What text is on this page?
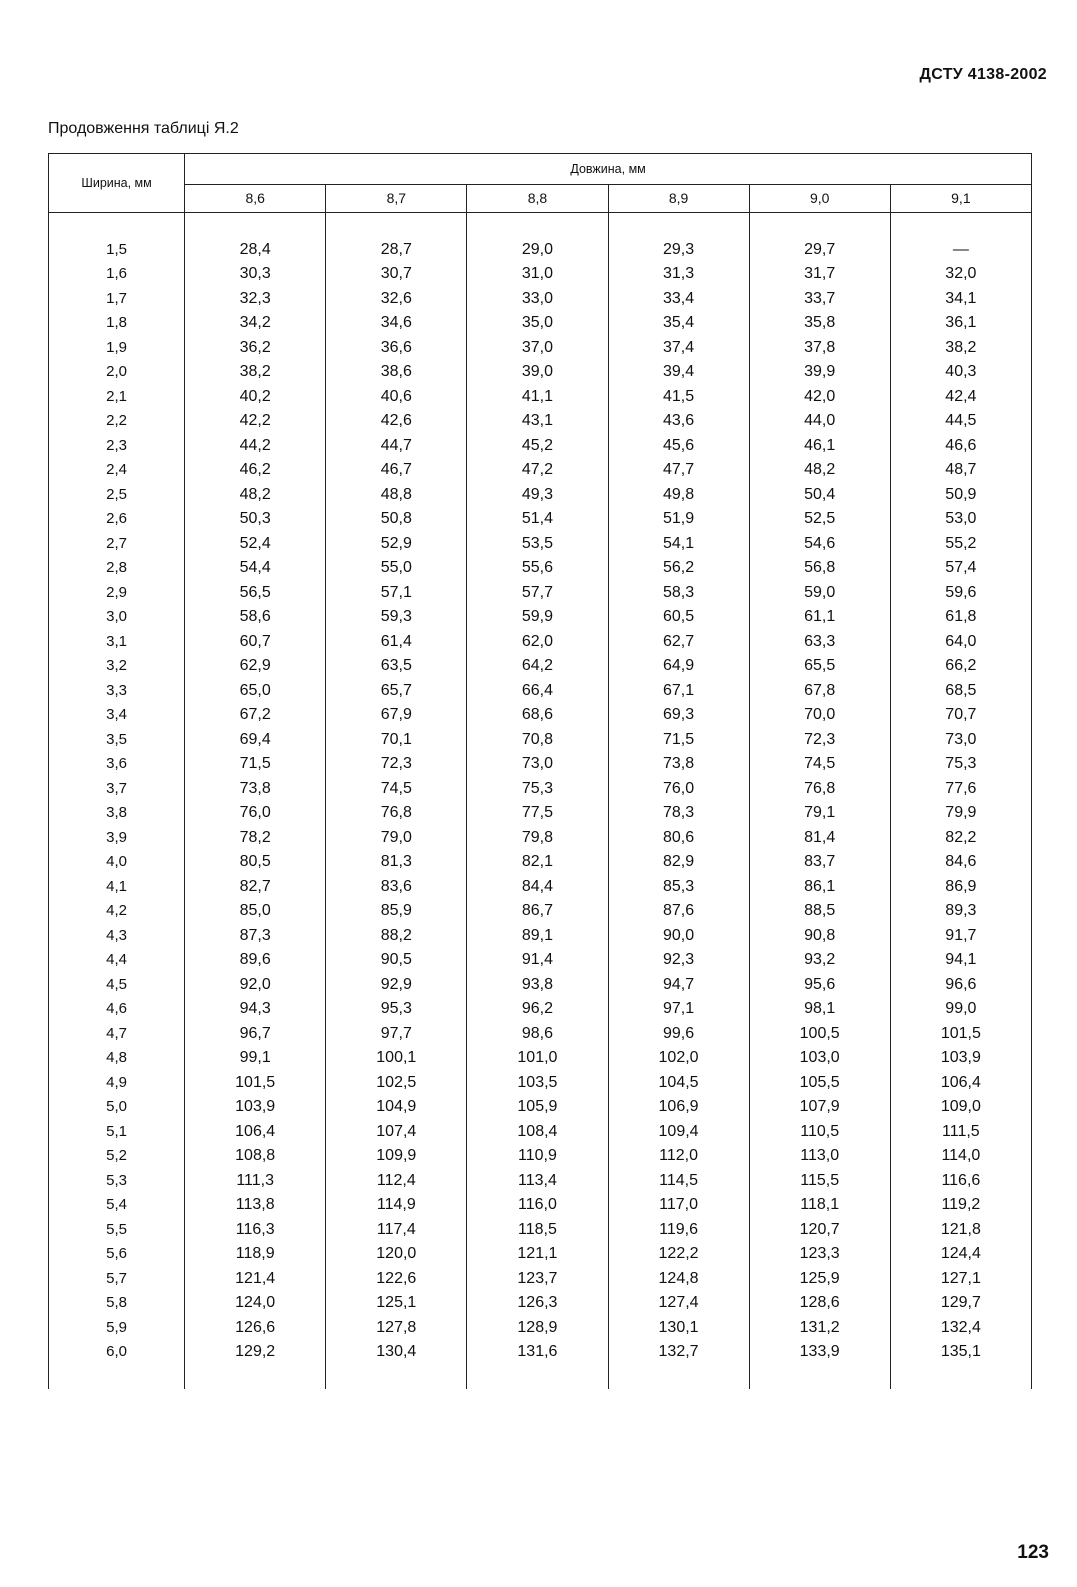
ДСТУ 4138-2002
Продовження таблиці Я.2
Ширина, мм	Довжина, мм					
	8,6	8,7	8,8	8,9	9,0	9,1

1,5	28,4	28,7	29,0	29,3	29,7	—
1,6	30,3	30,7	31,0	31,3	31,7	32,0
1,7	32,3	32,6	33,0	33,4	33,7	34,1
1,8	34,2	34,6	35,0	35,4	35,8	36,1
1,9	36,2	36,6	37,0	37,4	37,8	38,2
2,0	38,2	38,6	39,0	39,4	39,9	40,3
2,1	40,2	40,6	41,1	41,5	42,0	42,4
2,2	42,2	42,6	43,1	43,6	44,0	44,5
2,3	44,2	44,7	45,2	45,6	46,1	46,6
2,4	46,2	46,7	47,2	47,7	48,2	48,7
2,5	48,2	48,8	49,3	49,8	50,4	50,9
2,6	50,3	50,8	51,4	51,9	52,5	53,0
2,7	52,4	52,9	53,5	54,1	54,6	55,2
2,8	54,4	55,0	55,6	56,2	56,8	57,4
2,9	56,5	57,1	57,7	58,3	59,0	59,6
3,0	58,6	59,3	59,9	60,5	61,1	61,8
3,1	60,7	61,4	62,0	62,7	63,3	64,0
3,2	62,9	63,5	64,2	64,9	65,5	66,2
3,3	65,0	65,7	66,4	67,1	67,8	68,5
3,4	67,2	67,9	68,6	69,3	70,0	70,7
3,5	69,4	70,1	70,8	71,5	72,3	73,0
3,6	71,5	72,3	73,0	73,8	74,5	75,3
3,7	73,8	74,5	75,3	76,0	76,8	77,6
3,8	76,0	76,8	77,5	78,3	79,1	79,9
3,9	78,2	79,0	79,8	80,6	81,4	82,2
4,0	80,5	81,3	82,1	82,9	83,7	84,6
4,1	82,7	83,6	84,4	85,3	86,1	86,9
4,2	85,0	85,9	86,7	87,6	88,5	89,3
4,3	87,3	88,2	89,1	90,0	90,8	91,7
4,4	89,6	90,5	91,4	92,3	93,2	94,1
4,5	92,0	92,9	93,8	94,7	95,6	96,6
4,6	94,3	95,3	96,2	97,1	98,1	99,0
4,7	96,7	97,7	98,6	99,6	100,5	101,5
4,8	99,1	100,1	101,0	102,0	103,0	103,9
4,9	101,5	102,5	103,5	104,5	105,5	106,4
5,0	103,9	104,9	105,9	106,9	107,9	109,0
5,1	106,4	107,4	108,4	109,4	110,5	111,5
5,2	108,8	109,9	110,9	112,0	113,0	114,0
5,3	111,3	112,4	113,4	114,5	115,5	116,6
5,4	113,8	114,9	116,0	117,0	118,1	119,2
5,5	116,3	117,4	118,5	119,6	120,7	121,8
5,6	118,9	120,0	121,1	122,2	123,3	124,4
5,7	121,4	122,6	123,7	124,8	125,9	127,1
5,8	124,0	125,1	126,3	127,4	128,6	129,7
5,9	126,6	127,8	128,9	130,1	131,2	132,4
6,0	129,2	130,4	131,6	132,7	133,9	135,1

123
